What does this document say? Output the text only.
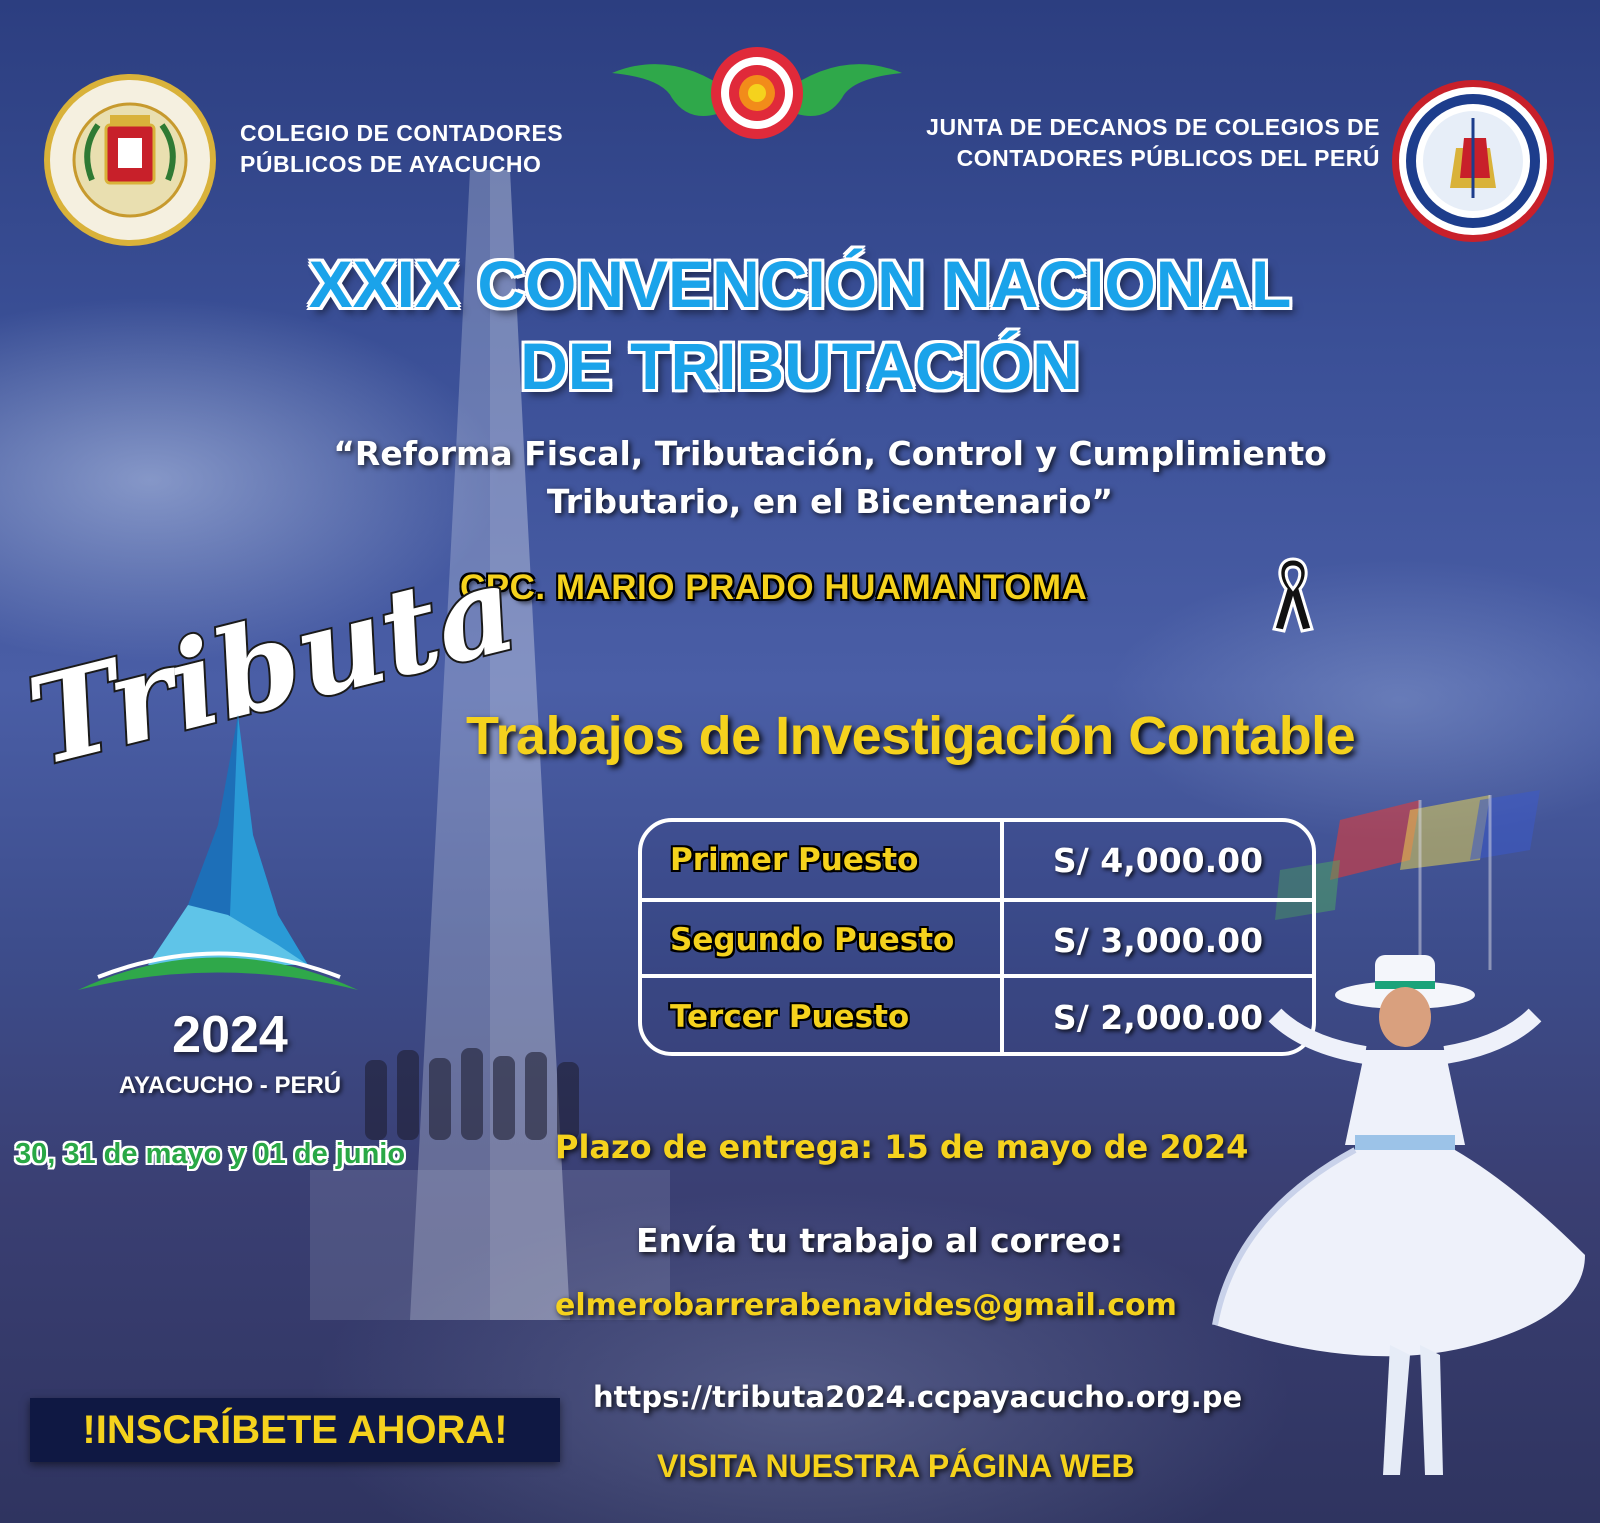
COLEGIO DE CONTADORES
PÚBLICOS DE AYACUCHO
JUNTA DE DECANOS DE COLEGIOS DE
CONTADORES PÚBLICOS DEL PERÚ
XXIX CONVENCIÓN NACIONAL
DE TRIBUTACIÓN
“Reforma Fiscal, Tributación, Control y Cumplimiento
Tributario, en el Bicentenario”
CPC. MARIO PRADO HUAMANTOMA
Tributa
2024
AYACUCHO - PERÚ
30, 31 de mayo y 01 de junio
Trabajos de Investigación Contable
Primer Puesto	S/ 4,000.00
Segundo Puesto	S/ 3,000.00
Tercer Puesto	S/ 2,000.00
Plazo de entrega: 15 de mayo de 2024
Envía tu trabajo al correo:
elmerobarrerabenavides@gmail.com
!INSCRÍBETE AHORA!
https://tributa2024.ccpayacucho.org.pe
VISITA NUESTRA PÁGINA WEB
